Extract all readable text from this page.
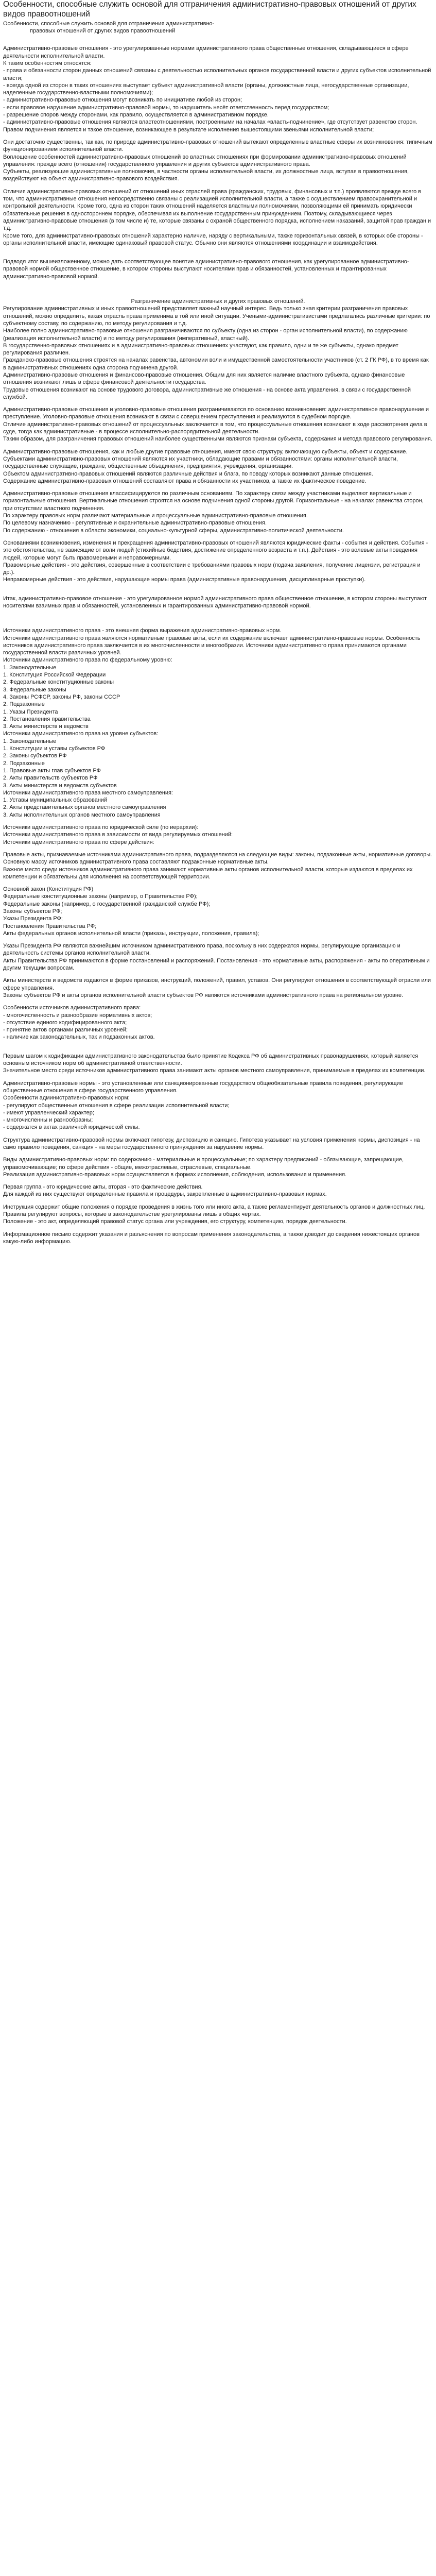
Особенности, способные служить основой для отграничения административно-правовых отношений от других видов правоотношений
Особенности, способные служить основой для отграничения административно-
правовых отношений от других видов правоотношений

Административно-правовые отношения - это урегулированные нормами административного права общественные отношения, складывающиеся в сфере деятельности исполнительной власти.

К таким особенностям относятся:

- права и обязанности сторон данных отношений связаны с деятельностью исполнительных органов государственной власти и других субъектов исполнительной власти;

- всегда одной из сторон в таких отношениях выступает субъект административной власти (органы, должностные лица, негосударственные организации, наделенные государственно-властными полномочиями);

- административно-правовые отношения могут возникать по инициативе любой из сторон;

- если правовое нарушение административно-правовой нормы, то нарушитель несёт ответственность перед государством;

- разрешение споров между сторонами, как правило, осуществляется в административном порядке.

- административно-правовые отношения являются властеотношениями, построенными на началах «власть-подчинение», где отсутствует равенство сторон. Правом подчинения является и такое отношение, возникающее в результате исполнения вышестоящими звеньями исполнительной власти;

Они достаточно существенны, так как, по природе административно-правовых отношений вытекают определенные властные сферы их возникновения: типичным функционированием исполнительной власти.

Воплощение особенностей административно-правовых отношений во властных отношениях при формировании административно-правовых отношений управления: прежде всего (отношения) государственного управления и других субъектов административного права.

Субъекты, реализующие административные полномочия, в частности органы исполнительной власти, их должностные лица, вступая в правоотношения, воздействуют на объект административно-правового воздействия.

Отличия административно-правовых отношений от отношений иных отраслей права (гражданских, трудовых, финансовых и т.п.) проявляются прежде всего в том, что административные отношения непосредственно связаны с реализацией исполнительной власти, а также с осуществлением правоохранительной и контрольной деятельности. Кроме того, одна из сторон таких отношений наделяется властными полномочиями, позволяющими ей принимать юридически обязательные решения в одностороннем порядке, обеспечивая их выполнение государственным принуждением. Поэтому, складывающиеся через административно-правовые отношения (в том числе и) те, которые связаны с охраной общественного порядка, исполнением наказаний, защитой прав граждан и т.д.

Кроме того, для административно-правовых отношений характерно наличие, наряду с вертикальными, также горизонтальных связей, в которых обе стороны - органы исполнительной власти, имеющие одинаковый правовой статус. Обычно они являются отношениями координации и взаимодействия.

Подводя итог вышеизложенному, можно дать соответствующее понятие административно-правового отношения, как урегулированное административно-правовой нормой общественное отношение, в котором стороны выступают носителями прав и обязанностей, установленных и гарантированных административно-правовой нормой.

Разграничение административных и других правовых отношений.

Регулирование административных и иных правоотношений представляет важный научный интерес. Ведь только зная критерии разграничения правовых отношений, можно определить, какая отрасль права применима в той или иной ситуации. Учеными-административистами предлагались различные критерии: по субъектному составу, по содержанию, по методу регулирования и т.д.

Наиболее полно административно-правовые отношения разграничиваются по субъекту (одна из сторон - орган исполнительной власти), по содержанию (реализация исполнительной власти) и по методу регулирования (императивный, властный).

В государственно-правовых отношениях и в административно-правовых отношениях участвуют, как правило, одни и те же субъекты, однако предмет регулирования различен.

Гражданско-правовые отношения строятся на началах равенства, автономии воли и имущественной самостоятельности участников (ст. 2 ГК РФ), в то время как в административных отношениях одна сторона подчинена другой.

Административно-правовые отношения и финансово-правовые отношения. Общим для них является наличие властного субъекта, однако финансовые отношения возникают лишь в сфере финансовой деятельности государства.

Трудовые отношения возникают на основе трудового договора, административные же отношения - на основе акта управления, в связи с государственной службой.

Административно-правовые отношения и уголовно-правовые отношения разграничиваются по основанию возникновения: административное правонарушение и преступление. Уголовно-правовые отношения возникают в связи с совершением преступления и реализуются в судебном порядке.

Отличие административно-правовых отношений от процессуальных заключается в том, что процессуальные отношения возникают в ходе рассмотрения дела в суде, тогда как административные - в процессе исполнительно-распорядительной деятельности.

Таким образом, для разграничения правовых отношений наиболее существенными являются признаки субъекта, содержания и метода правового регулирования.

Административно-правовые отношения, как и любые другие правовые отношения, имеют свою структуру, включающую субъекты, объект и содержание.

Субъектами административно-правовых отношений являются их участники, обладающие правами и обязанностями: органы исполнительной власти, государственные служащие, граждане, общественные объединения, предприятия, учреждения, организации.

Объектом административно-правовых отношений являются различные действия и блага, по поводу которых возникают данные отношения.

Содержание административно-правовых отношений составляют права и обязанности их участников, а также их фактическое поведение.

Административно-правовые отношения классифицируются по различным основаниям. По характеру связи между участниками выделяют вертикальные и горизонтальные отношения. Вертикальные отношения строятся на основе подчинения одной стороны другой. Горизонтальные - на началах равенства сторон, при отсутствии властного подчинения.

По характеру правовых норм различают материальные и процессуальные административно-правовые отношения.

По целевому назначению - регулятивные и охранительные административно-правовые отношения.

По содержанию - отношения в области экономики, социально-культурной сферы, административно-политической деятельности.

Основаниями возникновения, изменения и прекращения административно-правовых отношений являются юридические факты - события и действия. События - это обстоятельства, не зависящие от воли людей (стихийные бедствия, достижение определенного возраста и т.п.). Действия - это волевые акты поведения людей, которые могут быть правомерными и неправомерными.

Правомерные действия - это действия, совершенные в соответствии с требованиями правовых норм (подача заявления, получение лицензии, регистрация и др.).

Неправомерные действия - это действия, нарушающие нормы права (административные правонарушения, дисциплинарные проступки).

Итак, административно-правовое отношение - это урегулированное нормой административного права общественное отношение, в котором стороны выступают носителями взаимных прав и обязанностей, установленных и гарантированных административно-правовой нормой.

Источники административного права - это внешняя форма выражения административно-правовых норм.

Источники административного права являются нормативные правовые акты, если их содержание включает административно-правовые нормы. Особенность источников административного права заключается в их многочисленности и многообразии. Источники административного права принимаются органами государственной власти различных уровней.

Источники административного права по федеральному уровню:

1. Законодательные

1. Конституция Российской Федерации

2. Федеральные конституционные законы

3. Федеральные законы

4. Законы РСФСР, законы РФ, законы СССР

2. Подзаконные

1. Указы Президента

2. Постановления правительства

3. Акты министерств и ведомств

Источники административного права на уровне субъектов:

1. Законодательные

1. Конституции и уставы субъектов РФ

2. Законы субъектов РФ

2. Подзаконные

1. Правовые акты глав субъектов РФ

2. Акты правительств субъектов РФ

3. Акты министерств и ведомств субъектов

Источники административного права местного самоуправления:

1. Уставы муниципальных образований

2. Акты представительных органов местного самоуправления

3. Акты исполнительных органов местного самоуправления

Источники административного права по юридической силе (по иерархии):

Источники административного права в зависимости от вида регулируемых отношений:

Источники административного права по сфере действия:

Правовые акты, признаваемые источниками административного права, подразделяются на следующие виды: законы, подзаконные акты, нормативные договоры. Основную массу источников административного права составляют подзаконные нормативные акты.

Важное место среди источников административного права занимают нормативные акты органов исполнительной власти, которые издаются в пределах их компетенции и обязательны для исполнения на соответствующей территории.

Основной закон (Конституция РФ)

Федеральные конституционные законы (например, о Правительстве РФ);

Федеральные законы (например, о государственной гражданской службе РФ);

Законы субъектов РФ;

Указы Президента РФ;

Постановления Правительства РФ;

Акты федеральных органов исполнительной власти (приказы, инструкции, положения, правила);

Указы Президента РФ являются важнейшим источником административного права, поскольку в них содержатся нормы, регулирующие организацию и деятельность системы органов исполнительной власти.

Акты Правительства РФ принимаются в форме постановлений и распоряжений. Постановления - это нормативные акты, распоряжения - акты по оперативным и другим текущим вопросам.

Акты министерств и ведомств издаются в форме приказов, инструкций, положений, правил, уставов. Они регулируют отношения в соответствующей отрасли или сфере управления.

Законы субъектов РФ и акты органов исполнительной власти субъектов РФ являются источниками административного права на региональном уровне.

Особенности источников административного права:

- многочисленность и разнообразие нормативных актов;

- отсутствие единого кодифицированного акта;

- принятие актов органами различных уровней;

- наличие как законодательных, так и подзаконных актов.

Первым шагом к кодификации административного законодательства было принятие Кодекса РФ об административных правонарушениях, который является основным источником норм об административной ответственности.

Значительное место среди источников административного права занимают акты органов местного самоуправления, принимаемые в пределах их компетенции.

Административно-правовые нормы - это установленные или санкционированные государством общеобязательные правила поведения, регулирующие общественные отношения в сфере государственного управления.

Особенности административно-правовых норм:

- регулируют общественные отношения в сфере реализации исполнительной власти;

- имеют управленческий характер;

- многочисленны и разнообразны;

- содержатся в актах различной юридической силы.

Структура административно-правовой нормы включает гипотезу, диспозицию и санкцию. Гипотеза указывает на условия применения нормы, диспозиция - на само правило поведения, санкция - на меры государственного принуждения за нарушение нормы.

Виды административно-правовых норм: по содержанию - материальные и процессуальные; по характеру предписаний - обязывающие, запрещающие, управомочивающие; по сфере действия - общие, межотраслевые, отраслевые, специальные.

Реализация административно-правовых норм осуществляется в формах исполнения, соблюдения, использования и применения.

Первая группа - это юридические акты, вторая - это фактические действия.

Для каждой из них существуют определенные правила и процедуры, закрепленные в административно-правовых нормах.

Инструкция содержит общие положения о порядке проведения в жизнь того или иного акта, а также регламентирует деятельность органов и должностных лиц.

Правила регулируют вопросы, которые в законодательстве урегулированы лишь в общих чертах.

Положение - это акт, определяющий правовой статус органа или учреждения, его структуру, компетенцию, порядок деятельности.

Информационное письмо содержит указания и разъяснения по вопросам применения законодательства, а также доводит до сведения нижестоящих органов какую-либо информацию.
